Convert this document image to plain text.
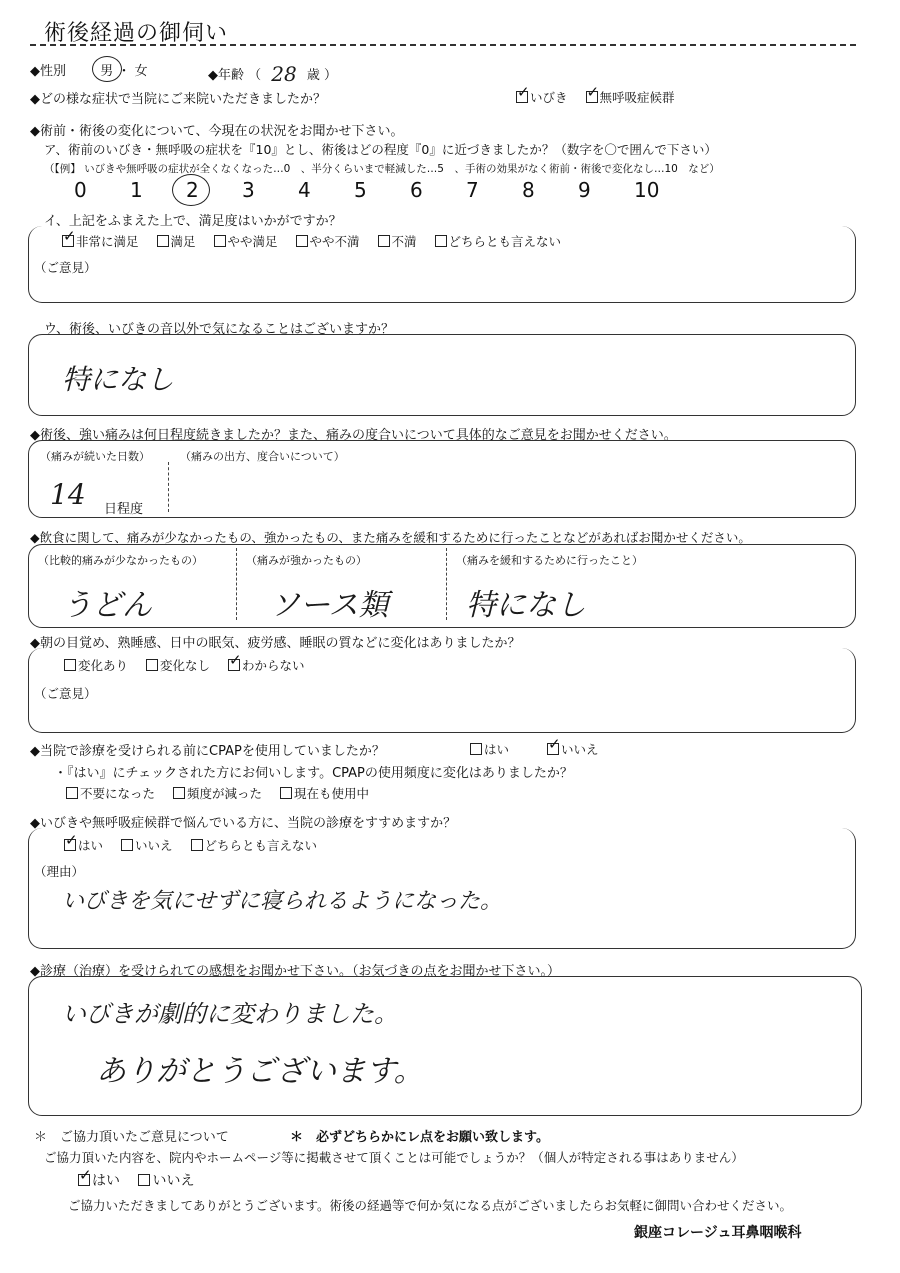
術後経過の御伺い
◆性別	男 ・ 女	◆年齢 （ 28 歳 ）
◆どの様な症状で当院にご来院いただきましたか？ ✓	いびき ✓	無呼吸症候群
◆術前・術後の変化について、今現在の状況をお聞かせ下さい。
ア、術前のいびき・無呼吸の症状を『10』とし、術後はどの程度『0』に近づきましたか？（数字を〇で囲んで下さい）
（【例】 いびきや無呼吸の症状が全くなくなった…0　、半分くらいまで軽減した…5　、手術の効果がなく術前・術後で変化なし…10　など）
0 1 2 3 4 5 6 7 8 9 10
イ、上記をふまえた上で、満足度はいかがですか？
✓非常に満足	満足	やや満足	やや不満	不満	どちらとも言えない
（ご意見）
ウ、術後、いびきの音以外で気になることはございますか？
特になし
◆術後、強い痛みは何日程度続きましたか？また、痛みの度合いについて具体的なご意見をお聞かせください。
（痛みが続いた日数）	（痛みの出方、度合いについて）
14 日程度
◆飲食に関して、痛みが少なかったもの、強かったもの、また痛みを緩和するために行ったことなどがあればお聞かせください。
（比較的痛みが少なかったもの）	（痛みが強かったもの）	（痛みを緩和するために行ったこと）
うどん	ソース類	特になし
◆朝の目覚め、熟睡感、日中の眠気、疲労感、睡眠の質などに変化はありましたか？
変化あり	変化なし ✓	わからない
（ご意見）
◆当院で診療を受けられる前にCPAPを使用していましたか？	はい ✓	いいえ
・『はい』にチェックされた方にお伺いします。CPAPの使用頻度に変化はありましたか？
不要になった	頻度が減った	現在も使用中
◆いびきや無呼吸症候群で悩んでいる方に、当院の診療をすすめますか？
✓はい	いいえ	どちらとも言えない
（理由）
いびきを気にせずに寝られるようになった。
◆診療（治療）を受けられての感想をお聞かせ下さい。（お気づきの点をお聞かせ下さい。）
いびきが劇的に変わりました。
ありがとうございます。
＊　ご協力頂いたご意見について	＊　必ずどちらかにレ点をお願い致します。
ご協力頂いた内容を、院内やホームページ等に掲載させて頂くことは可能でしょうか？（個人が特定される事はありません）
✓はい いいえ
ご協力いただきましてありがとうございます。術後の経過等で何か気になる点がございましたらお気軽に御問い合わせください。
銀座コレージュ耳鼻咽喉科
